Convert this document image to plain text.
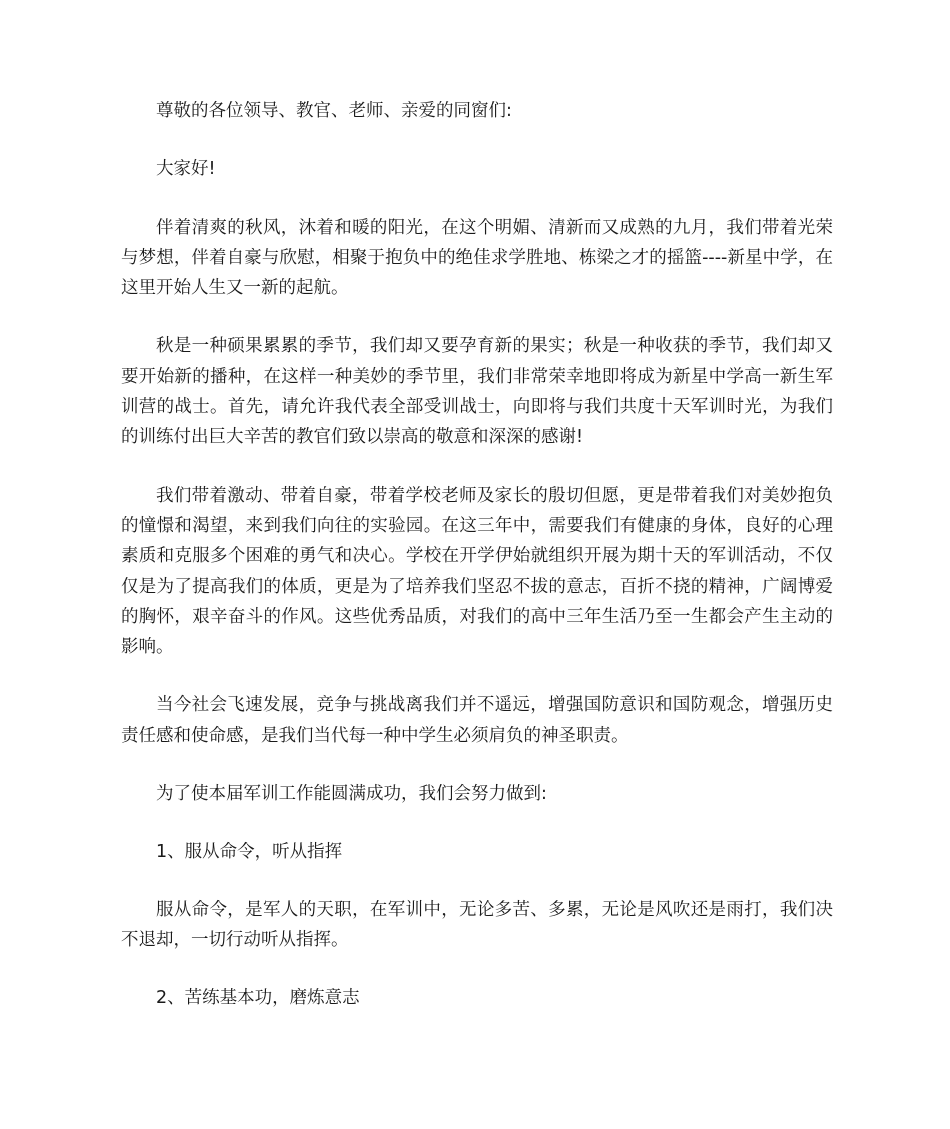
尊敬的各位领导、教官、老师、亲爱的同窗们:

大家好!

伴着清爽的秋风，沐着和暖的阳光，在这个明媚、清新而又成熟的九月，我们带着光荣与梦想，伴着自豪与欣慰，相聚于抱负中的绝佳求学胜地、栋梁之才的摇篮----新星中学，在这里开始人生又一新的起航。

秋是一种硕果累累的季节，我们却又要孕育新的果实；秋是一种收获的季节，我们却又要开始新的播种，在这样一种美妙的季节里，我们非常荣幸地即将成为新星中学高一新生军训营的战士。首先，请允许我代表全部受训战士，向即将与我们共度十天军训时光，为我们的训练付出巨大辛苦的教官们致以崇高的敬意和深深的感谢!

我们带着激动、带着自豪，带着学校老师及家长的殷切但愿，更是带着我们对美妙抱负的憧憬和渴望，来到我们向往的实验园。在这三年中，需要我们有健康的身体，良好的心理素质和克服多个困难的勇气和决心。学校在开学伊始就组织开展为期十天的军训活动，不仅仅是为了提高我们的体质，更是为了培养我们坚忍不拔的意志，百折不挠的精神，广阔博爱的胸怀，艰辛奋斗的作风。这些优秀品质，对我们的高中三年生活乃至一生都会产生主动的影响。

当今社会飞速发展，竞争与挑战离我们并不遥远，增强国防意识和国防观念，增强历史责任感和使命感，是我们当代每一种中学生必须肩负的神圣职责。

为了使本届军训工作能圆满成功，我们会努力做到:

1、服从命令，听从指挥

服从命令，是军人的天职，在军训中，无论多苦、多累，无论是风吹还是雨打，我们决不退却，一切行动听从指挥。

2、苦练基本功，磨炼意志
